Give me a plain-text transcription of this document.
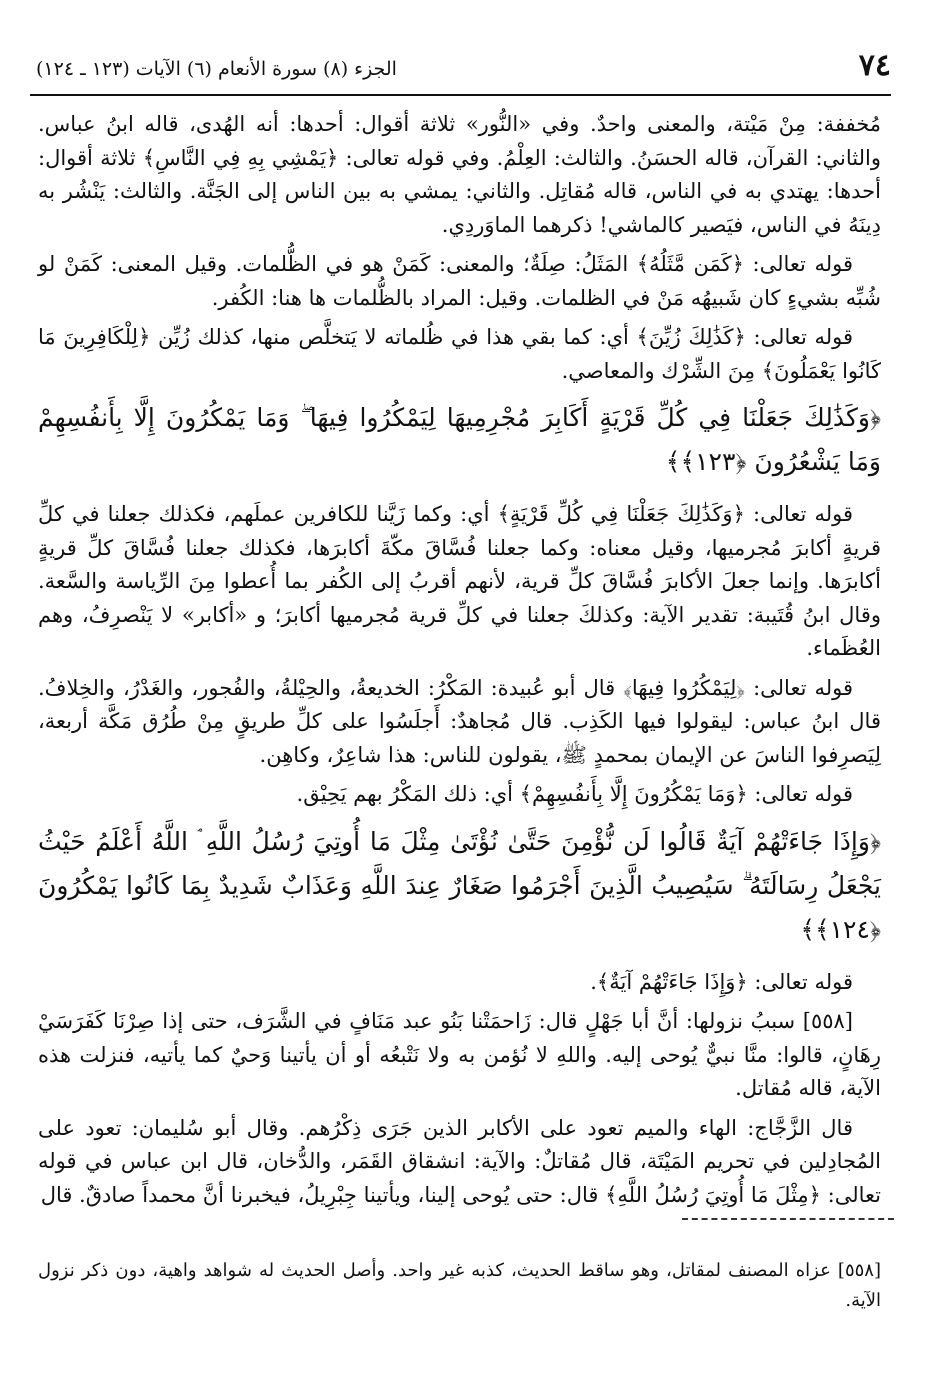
٧٤
الجزء (٨) سورة الأنعام (٦) الآيات (١٢٣ ـ ١٢٤)

مُخففة: مِنْ مَيْتة، والمعنى واحدٌ. وفي «النُّور» ثلاثة أقوال: أحدها: أنه الهُدى، قاله ابنُ عباس. والثاني: القرآن، قاله الحسَنُ. والثالث: العِلْمُ. وفي قوله تعالى: ﴿يَمْشِي بِهِ فِي النَّاسِ﴾ ثلاثة أقوال: أحدها: يهتدي به في الناس، قاله مُقاتِل. والثاني: يمشي به بين الناس إلى الجَنَّة. والثالث: يَنْشُر به دِينَهُ في الناس، فيَصير كالماشي! ذكرهما الماوَردِي.

قوله تعالى: ﴿كَمَن مَّثَلُهُ﴾ المَثَلُ: صِلَةٌ؛ والمعنى: كَمَنْ هو في الظُّلمات. وقيل المعنى: كَمَنْ لو شُبِّه بشيءٍ كان شَبيهُه مَنْ في الظلمات. وقيل: المراد بالظُّلمات ها هنا: الكُفر.

قوله تعالى: ﴿كَذَٰلِكَ زُيِّنَ﴾ أي: كما بقي هذا في ظُلماته لا يَتخلَّص منها، كذلك زُيِّن ﴿لِلْكَافِرِينَ مَا كَانُوا يَعْمَلُونَ﴾ مِنَ الشِّرْك والمعاصي.

﴿وَكَذَٰلِكَ جَعَلْنَا فِي كُلِّ قَرْيَةٍ أَكَابِرَ مُجْرِمِيهَا لِيَمْكُرُوا فِيهَا ۖ وَمَا يَمْكُرُونَ إِلَّا بِأَنفُسِهِمْ وَمَا يَشْعُرُونَ ﴿١٢٣﴾﴾

قوله تعالى: ﴿وَكَذَٰلِكَ جَعَلْنَا فِي كُلِّ قَرْيَةٍ﴾ أي: وكما زَيَّنا للكافرين عملَهم، فكذلك جعلنا في كلِّ قريةٍ أكابرَ مُجرميها، وقيل معناه: وكما جعلنا فُسَّاقَ مكّةَ أكابرَها، فكذلك جعلنا فُسَّاقَ كلِّ قريةٍ أكابرَها. وإنما جعلَ الأكابرَ فُسَّاقَ كلِّ قرية، لأنهم أقربُ إلى الكُفر بما أُعطوا مِنَ الرِّياسة والسَّعة. وقال ابنُ قُتَيبة: تقدير الآية: وكذلكَ جعلنا في كلِّ قرية مُجرميها أكابرَ؛ و «أكابر» لا يَنْصرِفُ، وهم العُظَماء.

قوله تعالى: ﴿لِيَمْكُرُوا فِيهَا﴾ قال أبو عُبيدة: المَكْرُ: الخديعةُ، والحِيْلةُ، والفُجور، والغَدْرُ، والخِلافُ. قال ابنُ عباس: ليقولوا فيها الكَذِب. قال مُجاهدٌ: أَجلَسُوا على كلِّ طريقٍ مِنْ طُرُق مَكَّة أربعة، لِيَصرِفوا الناسَ عن الإيمان بمحمدٍ ﷺ، يقولون للناس: هذا شاعِرٌ، وكاهِن.

قوله تعالى: ﴿وَمَا يَمْكُرُونَ إِلَّا بِأَنفُسِهِمْ﴾ أي: ذلك المَكْرُ بهم يَحِيْق.

﴿وَإِذَا جَاءَتْهُمْ آيَةٌ قَالُوا لَن نُّؤْمِنَ حَتَّىٰ نُؤْتَىٰ مِثْلَ مَا أُوتِيَ رُسُلُ اللَّهِ ۘ اللَّهُ أَعْلَمُ حَيْثُ يَجْعَلُ رِسَالَتَهُ ۗ سَيُصِيبُ الَّذِينَ أَجْرَمُوا صَغَارٌ عِندَ اللَّهِ وَعَذَابٌ شَدِيدٌ بِمَا كَانُوا يَمْكُرُونَ ﴿١٢٤﴾﴾

قوله تعالى: ﴿وَإِذَا جَاءَتْهُمْ آيَةٌ﴾.

[٥٥٨] سببُ نزولها: أنَّ أبا جَهْلٍ قال: زَاحمَتْنا بَنُو عبد مَنَافٍ في الشَّرَف، حتى إذا صِرْنَا كَفَرَسَيْ رِهَانٍ، قالوا: منَّا نبيٌّ يُوحى إليه. واللهِ لا نُؤمن به ولا نَتْبعُه أو أن يأتينا وَحيٌ كما يأتيه، فنزلت هذه الآية، قاله مُقاتل.

قال الزَّجَّاج: الهاء والميم تعود على الأكابر الذين جَرَى ذِكْرُهم. وقال أبو سُليمان: تعود على المُجادِلين في تحريم المَيْتَة، قال مُقاتلٌ: والآية: انشقاق القَمَر، والدُّخان، قال ابن عباس في قوله تعالى: ﴿مِثْلَ مَا أُوتِيَ رُسُلُ اللَّهِ﴾ قال: حتى يُوحى إلينا، ويأتينا جِبْرِيلُ، فيخبرنا أنَّ محمداً صادقٌ. قال

[٥٥٨] عزاه المصنف لمقاتل، وهو ساقط الحديث، كذبه غير واحد. وأصل الحديث له شواهد واهية، دون ذكر نزول الآية.
